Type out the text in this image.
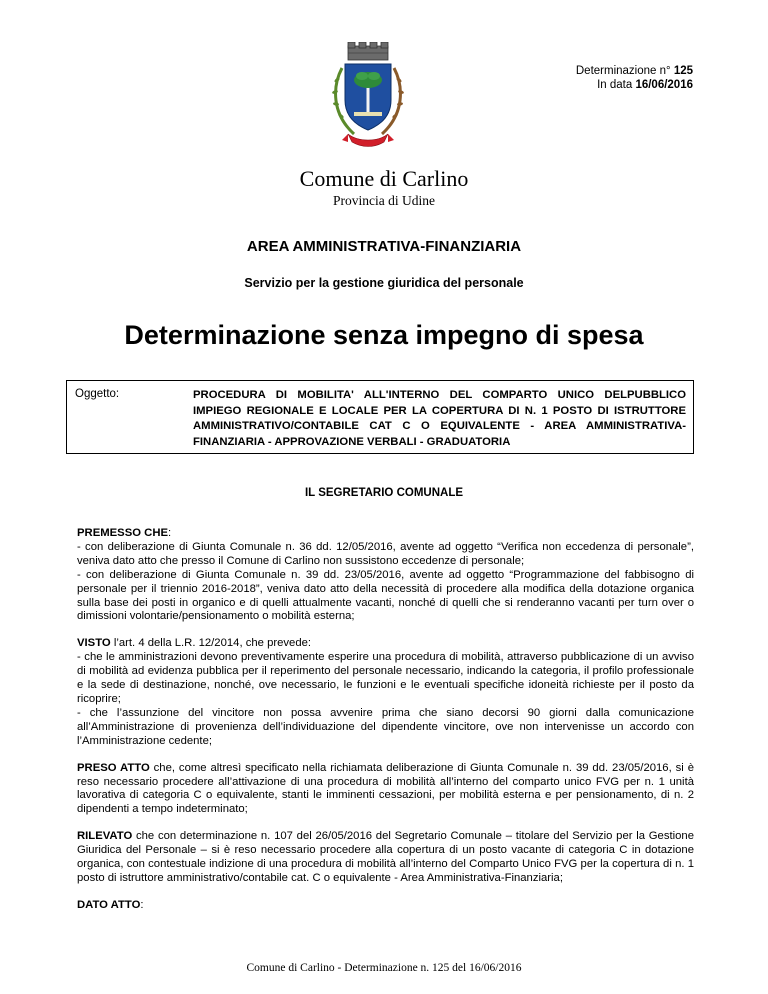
Determinazione n° 125
In data 16/06/2016
Comune di Carlino
Provincia di Udine
AREA AMMINISTRATIVA-FINANZIARIA
Servizio per la gestione giuridica del personale
Determinazione senza impegno di spesa
Oggetto:	PROCEDURA DI MOBILITA' ALL'INTERNO DEL COMPARTO UNICO DELPUBBLICO IMPIEGO REGIONALE E LOCALE PER LA COPERTURA DI N. 1 POSTO DI ISTRUTTORE AMMINISTRATIVO/CONTABILE CAT C O EQUIVALENTE - AREA AMMINISTRATIVA-FINANZIARIA - APPROVAZIONE VERBALI - GRADUATORIA
IL SEGRETARIO COMUNALE

PREMESSO CHE:
- con deliberazione di Giunta Comunale n. 36 dd. 12/05/2016, avente ad oggetto “Verifica non eccedenza di personale”, veniva dato atto che presso il Comune di Carlino non sussistono eccedenze di personale;
- con deliberazione di Giunta Comunale n. 39 dd. 23/05/2016, avente ad oggetto “Programmazione del fabbisogno di personale per il triennio 2016-2018”, veniva dato atto della necessità di procedere alla modifica della dotazione organica sulla base dei posti in organico e di quelli attualmente vacanti, nonché di quelli che si renderanno vacanti per turn over o dimissioni volontarie/pensionamento o mobilità esterna;

VISTO l’art. 4 della L.R. 12/2014, che prevede:
- che le amministrazioni devono preventivamente esperire una procedura di mobilità, attraverso pubblicazione di un avviso di mobilità ad evidenza pubblica per il reperimento del personale necessario, indicando la categoria, il profilo professionale e la sede di destinazione, nonché, ove necessario, le funzioni e le eventuali specifiche idoneità richieste per il posto da ricoprire;
- che l’assunzione del vincitore non possa avvenire prima che siano decorsi 90 giorni dalla comunicazione all’Amministrazione di provenienza dell’individuazione del dipendente vincitore, ove non intervenisse un accordo con l’Amministrazione cedente;

PRESO ATTO che, come altresì specificato nella richiamata deliberazione di Giunta Comunale n. 39 dd. 23/05/2016, si è reso necessario procedere all’attivazione di una procedura di mobilità all’interno del comparto unico FVG per n. 1 unità lavorativa di categoria C o equivalente, stanti le imminenti cessazioni, per mobilità esterna e per pensionamento, di n. 2 dipendenti a tempo indeterminato;

RILEVATO che con determinazione n. 107 del 26/05/2016 del Segretario Comunale – titolare del Servizio per la Gestione Giuridica del Personale – si è reso necessario procedere alla copertura di un posto vacante di categoria C in dotazione organica, con contestuale indizione di una procedura di mobilità all’interno del Comparto Unico FVG per la copertura di n. 1 posto di istruttore amministrativo/contabile cat. C o equivalente - Area Amministrativa-Finanziaria;

DATO ATTO:

Comune di Carlino - Determinazione n. 125 del 16/06/2016
